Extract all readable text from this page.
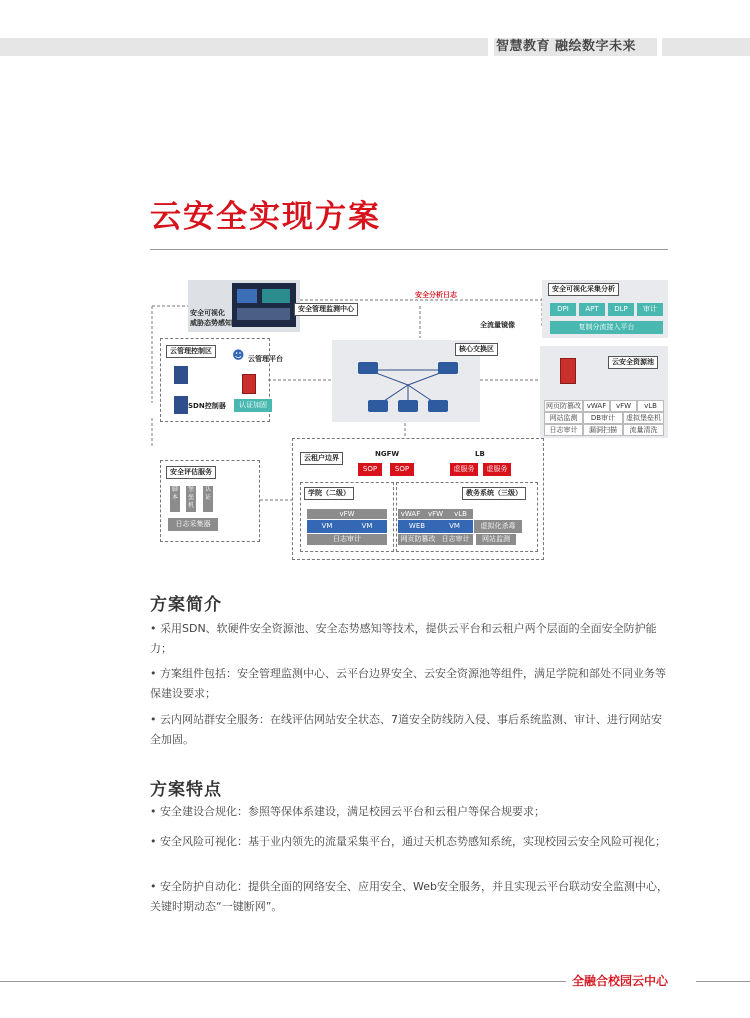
智慧教育 融绘数字未来
云安全实现方案
安全分析日志
安全可视化
威胁态势感知
安全管理监测中心
云管理控制区	☻ 云管理平台
SDN控制器	认证加固
全流量镜像
核心交换区
安全可视化采集分析
DPI	APT	DLP	审计
复制分流接入平台
云安全资源池
网页防篡改 vWAF	vFW	vLB
网站监测	DB审计	虚拟堡垒机
日志审计	漏洞扫描	流量清洗
安全评估服务
脚本
堡垒机
认证
日志采集器
云租户边界	NGFW	LB
SOP	SOP	虚服务	虚服务
学院（二级）
vFW
VM	VM
日志审计
教务系统（三级）
vWAF	vFW	vLB
WEB	VM	虚拟化杀毒
网页防篡改 日志审计	网站监测
方案简介
• 采用SDN、软硬件安全资源池、安全态势感知等技术，提供云平台和云租户两个层面的全面安全防护能力；
• 方案组件包括：安全管理监测中心、云平台边界安全、云安全资源池等组件，满足学院和部处不同业务等保建设要求；
• 云内网站群安全服务：在线评估网站安全状态、7道安全防线防入侵、事后系统监测、审计、进行网站安全加固。
方案特点
• 安全建设合规化：参照等保体系建设，满足校园云平台和云租户等保合规要求；
• 安全风险可视化：基于业内领先的流量采集平台，通过天机态势感知系统，实现校园云安全风险可视化；
• 安全防护自动化：提供全面的网络安全、应用安全、Web安全服务，并且实现云平台联动安全监测中心，关键时期动态“一键断网”。
全融合校园云中心
